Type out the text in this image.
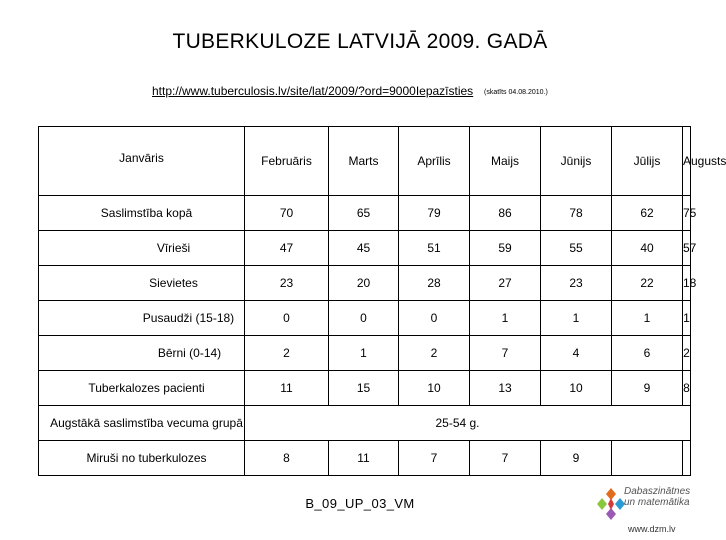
TUBERKULOZE LATVIJĀ 2009. GADĀ
http://www.tuberculosis.lv/site/lat/2009/?ord=9000Iepazīsties (skatīts 04.08.2010.)
Janvāris	Februāris	Marts	Aprīlis	Maijs	Jūnijs	Jūlijs	Augusts
Saslimstība kopā	70	65	79	86	78	62	75
Vīrieši	47	45	51	59	55	40	57
Sievietes	23	20	28	27	23	22	18
Pusaudži (15-18)	0	0	0	1	1	1	1
Bērni (0-14)	2	1	2	7	4	6	2
Tuberkalozes pacienti	11	15	10	13	10	9	8
Augstākā saslimstība vecuma grupā	25-54 g.						
Miruši no tuberkulozes	8	11	7	7	9		
B_09_UP_03_VM
Dabaszinātnes
un matemātika
www.dzm.lv
